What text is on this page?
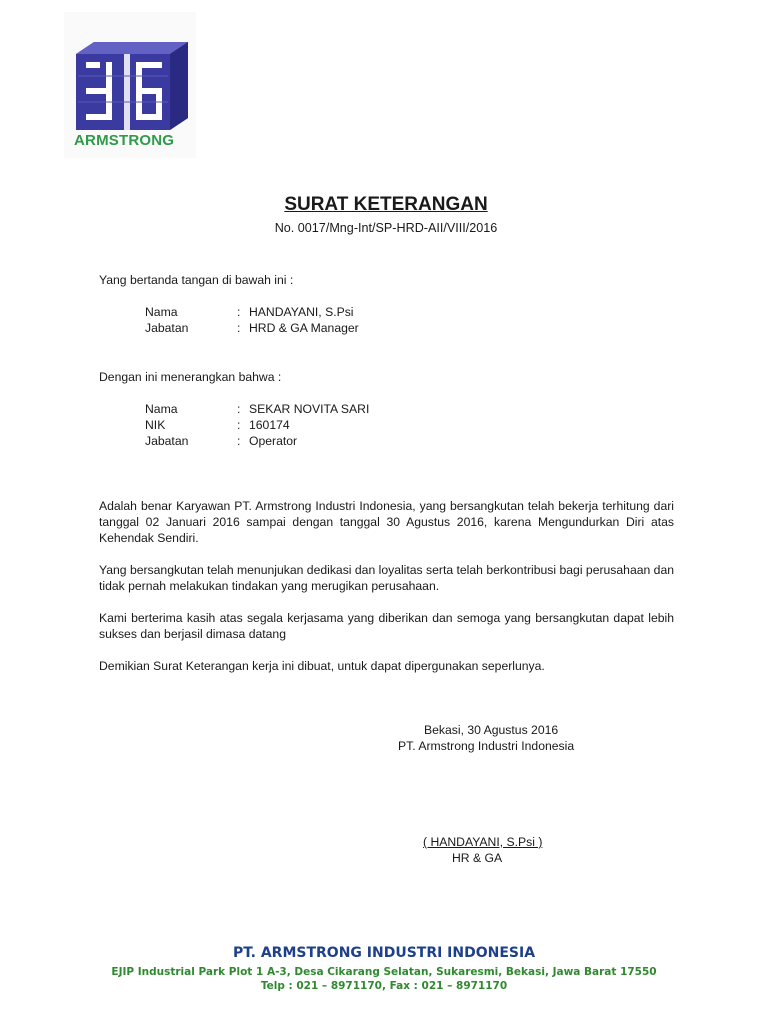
ARMSTRONG
SURAT KETERANGAN
No. 0017/Mng-Int/SP-HRD-AII/VIII/2016
Yang bertanda tangan di bawah ini :
Nama	: HANDAYANI, S.Psi
Jabatan	: HRD & GA Manager
Dengan ini menerangkan bahwa :
Nama	: SEKAR NOVITA SARI
NIK	: 160174
Jabatan	: Operator
Adalah benar Karyawan PT. Armstrong Industri Indonesia, yang bersangkutan telah bekerja terhitung dari tanggal 02 Januari 2016 sampai dengan tanggal 30 Agustus 2016, karena Mengundurkan Diri atas Kehendak Sendiri.
Yang bersangkutan telah menunjukan dedikasi dan loyalitas serta telah berkontribusi bagi perusahaan dan tidak pernah melakukan tindakan yang merugikan perusahaan.
Kami berterima kasih atas segala kerjasama yang diberikan dan semoga yang bersangkutan dapat lebih sukses dan berjasil dimasa datang
Demikian Surat Keterangan kerja ini dibuat, untuk dapat dipergunakan seperlunya.
Bekasi, 30 Agustus 2016
PT. Armstrong Industri Indonesia
( HANDAYANI, S.Psi )
HR & GA
PT. ARMSTRONG INDUSTRI INDONESIA
EJIP Industrial Park Plot 1 A-3, Desa Cikarang Selatan, Sukaresmi, Bekasi, Jawa Barat 17550
Telp : 021 – 8971170, Fax : 021 – 8971170
